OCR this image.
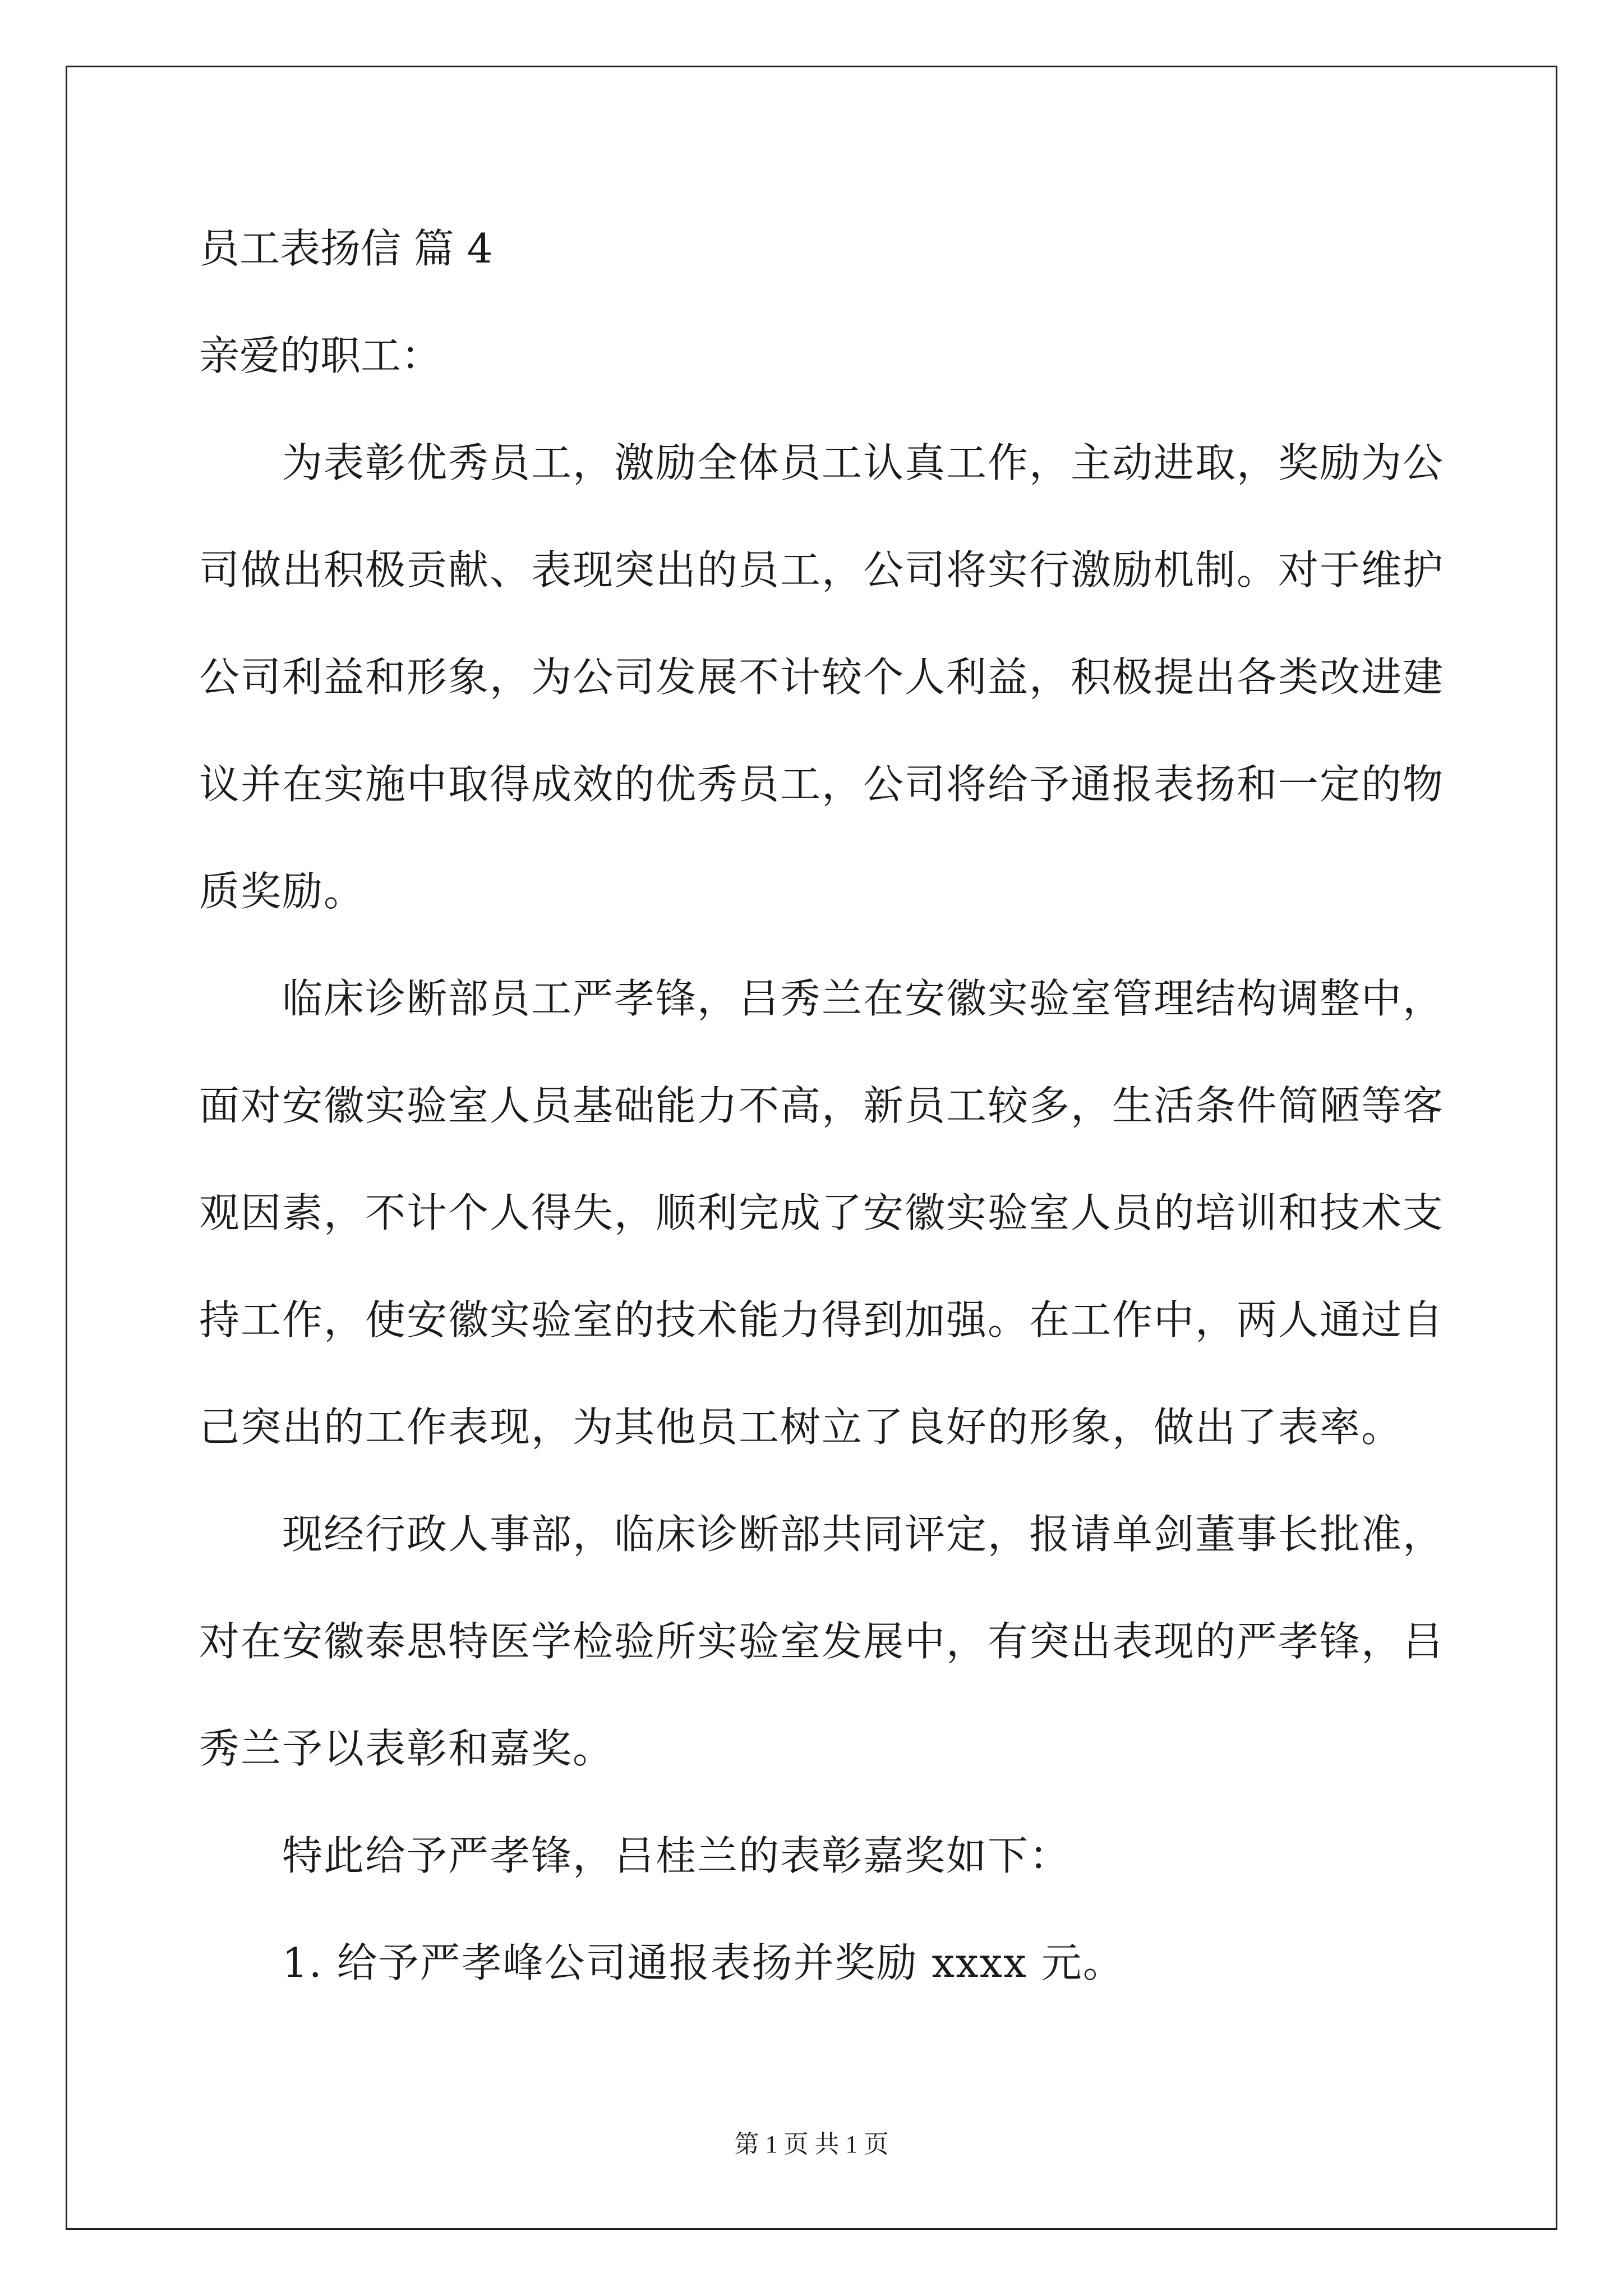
员工表扬信 篇 4
亲爱的职工：
为表彰优秀员工，激励全体员工认真工作，主动进取，奖励为公
司做出积极贡献、表现突出的员工，公司将实行激励机制。对于维护
公司利益和形象，为公司发展不计较个人利益，积极提出各类改进建
议并在实施中取得成效的优秀员工，公司将给予通报表扬和一定的物
质奖励。
临床诊断部员工严孝锋，吕秀兰在安徽实验室管理结构调整中，
面对安徽实验室人员基础能力不高，新员工较多，生活条件简陋等客
观因素，不计个人得失，顺利完成了安徽实验室人员的培训和技术支
持工作，使安徽实验室的技术能力得到加强。在工作中，两人通过自
己突出的工作表现，为其他员工树立了良好的形象，做出了表率。
现经行政人事部，临床诊断部共同评定，报请单剑董事长批准，
对在安徽泰思特医学检验所实验室发展中，有突出表现的严孝锋，吕
秀兰予以表彰和嘉奖。
特此给予严孝锋，吕桂兰的表彰嘉奖如下：
1. 给予严孝峰公司通报表扬并奖励 xxxx 元。
第 1 页 共 1 页
